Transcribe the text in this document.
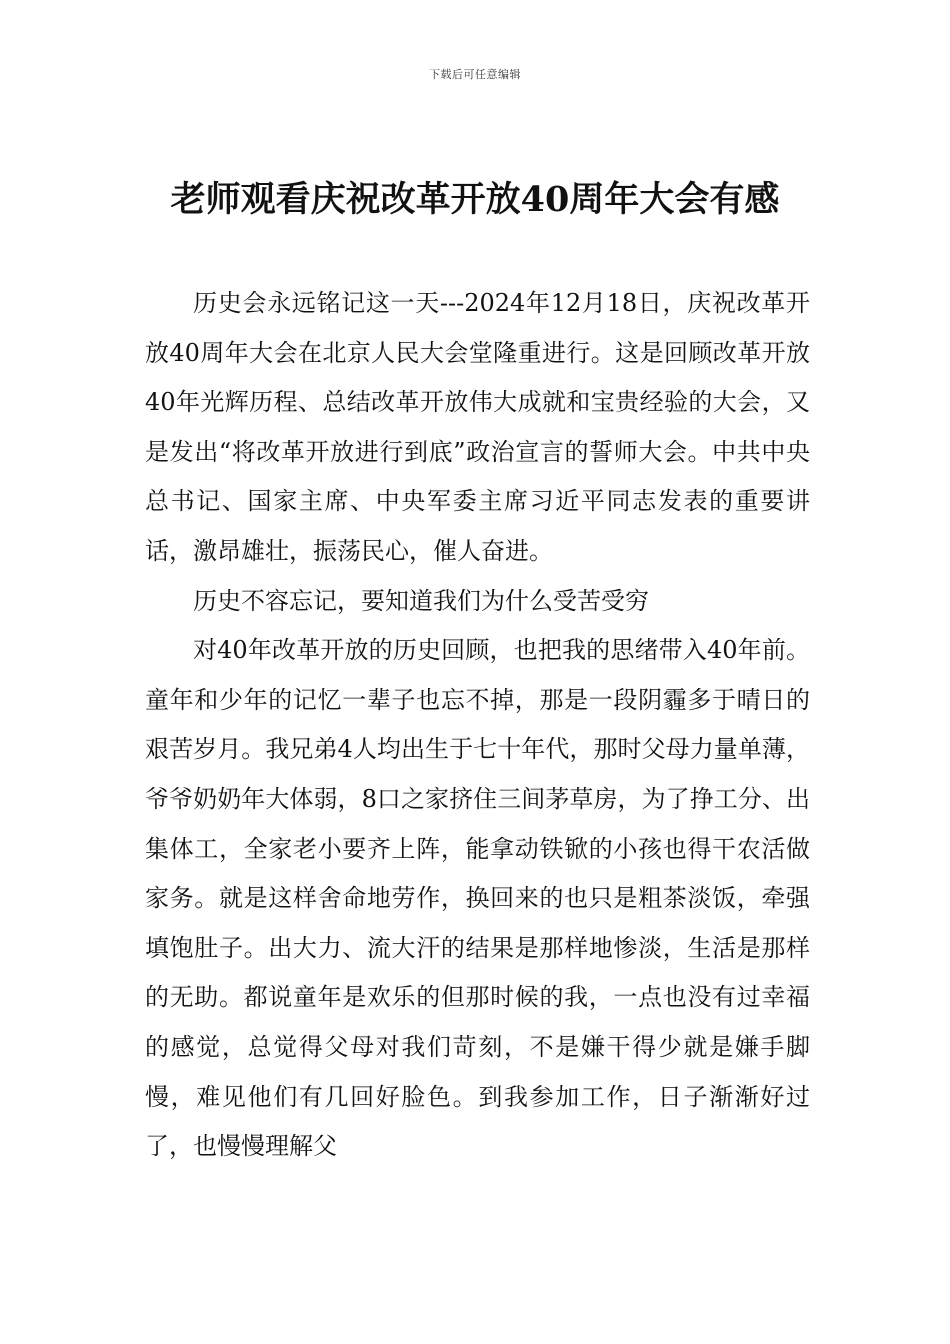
下载后可任意编辑
老师观看庆祝改革开放40周年大会有感

历史会永远铭记这一天---2024年12月18日，庆祝改革开放40周年大会在北京人民大会堂隆重进行。这是回顾改革开放40年光辉历程、总结改革开放伟大成就和宝贵经验的大会，又是发出“将改革开放进行到底”政治宣言的誓师大会。中共中央总书记、国家主席、中央军委主席习近平同志发表的重要讲话，激昂雄壮，振荡民心，催人奋进。

历史不容忘记，要知道我们为什么受苦受穷

对40年改革开放的历史回顾，也把我的思绪带入40年前。童年和少年的记忆一辈子也忘不掉，那是一段阴霾多于晴日的艰苦岁月。我兄弟4人均出生于七十年代，那时父母力量单薄，爷爷奶奶年大体弱，8口之家挤住三间茅草房，为了挣工分、出集体工，全家老小要齐上阵，能拿动铁锨的小孩也得干农活做家务。就是这样舍命地劳作，换回来的也只是粗茶淡饭，牵强填饱肚子。出大力、流大汗的结果是那样地惨淡，生活是那样的无助。都说童年是欢乐的但那时候的我，一点也没有过幸福的感觉，总觉得父母对我们苛刻，不是嫌干得少就是嫌手脚慢，难见他们有几回好脸色。到我参加工作，日子渐渐好过了，也慢慢理解父
